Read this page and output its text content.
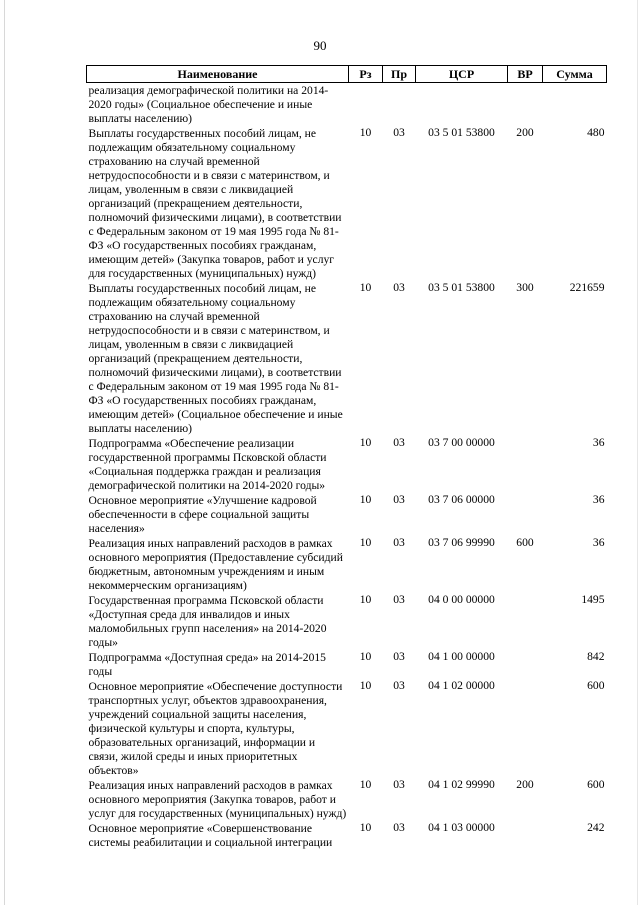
90
Наименование	Рз	Пр	ЦСР	ВР	Сумма
реализация демографической политики на 2014-2020 годы» (Социальное обеспечение и иные выплаты населению)					
Выплаты государственных пособий лицам, не подлежащим обязательному социальному страхованию на случай временной нетрудоспособности и в связи с материнством, и лицам, уволенным в связи с ликвидацией организаций (прекращением деятельности, полномочий физическими лицами), в соответствии с Федеральным законом от 19 мая 1995 года № 81-ФЗ «О государственных пособиях гражданам, имеющим детей» (Закупка товаров, работ и услуг для государственных (муниципальных) нужд)	10	03	03 5 01 53800	200	480
Выплаты государственных пособий лицам, не подлежащим обязательному социальному страхованию на случай временной нетрудоспособности и в связи с материнством, и лицам, уволенным в связи с ликвидацией организаций (прекращением деятельности, полномочий физическими лицами), в соответствии с Федеральным законом от 19 мая 1995 года № 81-ФЗ «О государственных пособиях гражданам, имеющим детей» (Социальное обеспечение и иные выплаты населению)	10	03	03 5 01 53800	300	221659
Подпрограмма «Обеспечение реализации государственной программы Псковской области «Социальная поддержка граждан и реализация демографической политики на 2014-2020 годы»	10	03	03 7 00 00000		36
Основное мероприятие «Улучшение кадровой обеспеченности в сфере социальной защиты населения»	10	03	03 7 06 00000		36
Реализация иных направлений расходов в рамках основного мероприятия (Предоставление субсидий бюджетным, автономным учреждениям и иным некоммерческим организациям)	10	03	03 7 06 99990	600	36
Государственная программа Псковской области «Доступная среда для инвалидов и иных маломобильных групп населения» на 2014-2020 годы»	10	03	04 0 00 00000		1495
Подпрограмма «Доступная среда» на 2014-2015 годы	10	03	04 1 00 00000		842
Основное мероприятие «Обеспечение доступности транспортных услуг, объектов здравоохранения, учреждений социальной защиты населения, физической культуры и спорта, культуры, образовательных организаций, информации и связи, жилой среды и иных приоритетных объектов»	10	03	04 1 02 00000		600
Реализация иных направлений расходов в рамках основного мероприятия (Закупка товаров, работ и услуг для государственных (муниципальных) нужд)	10	03	04 1 02 99990	200	600
Основное мероприятие «Совершенствование системы реабилитации и социальной интеграции	10	03	04 1 03 00000		242
